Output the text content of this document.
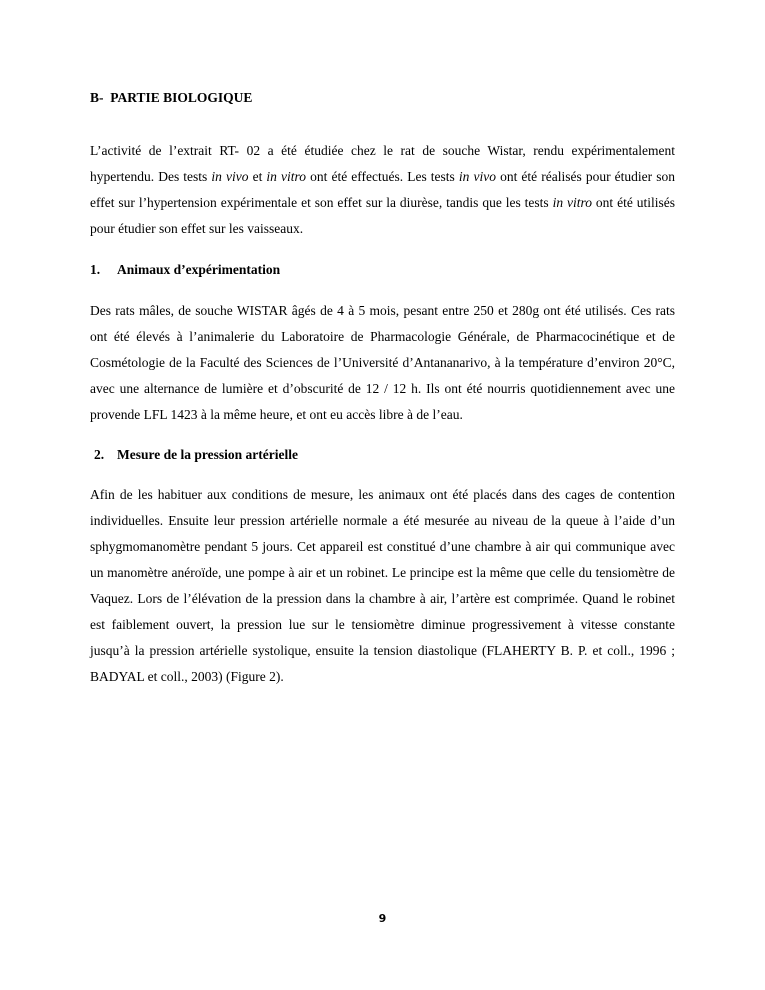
B-  PARTIE BIOLOGIQUE

L’activité de l’extrait RT- 02 a été étudiée chez le rat de souche Wistar, rendu expérimentalement hypertendu. Des tests in vivo et in vitro ont été effectués. Les tests in vivo ont été réalisés pour étudier son effet sur l’hypertension expérimentale et son effet sur la diurèse, tandis que les tests in vitro ont été utilisés pour étudier son effet sur les vaisseaux.

1.	Animaux d’expérimentation

Des rats mâles, de souche WISTAR âgés de 4 à 5 mois, pesant entre 250 et 280g ont été utilisés. Ces rats ont été élevés à l’animalerie du Laboratoire de Pharmacologie Générale, de Pharmacocinétique et de Cosmétologie de la Faculté des Sciences de l’Université d’Antananarivo, à la température d’environ 20°C, avec une alternance de lumière et d’obscurité de 12 / 12 h. Ils ont été nourris quotidiennement avec une provende LFL 1423 à la même heure, et ont eu accès libre à de l’eau.

2. Mesure de la pression artérielle

Afin de les habituer aux conditions de mesure, les animaux ont été placés dans des cages de contention individuelles. Ensuite leur pression artérielle normale a été mesurée au niveau de la queue à l’aide d’un sphygmomanomètre pendant 5 jours. Cet appareil est constitué d’une chambre à air qui communique avec un manomètre anéroïde, une pompe à air et un robinet. Le principe est la même que celle du tensiomètre de Vaquez. Lors de l’élévation de la pression dans la chambre à air, l’artère est comprimée. Quand le robinet est faiblement ouvert, la pression lue sur le tensiomètre diminue progressivement à vitesse constante jusqu’à la pression artérielle systolique, ensuite la tension diastolique (FLAHERTY B. P. et coll., 1996 ; BADYAL et coll., 2003) (Figure 2).

9
